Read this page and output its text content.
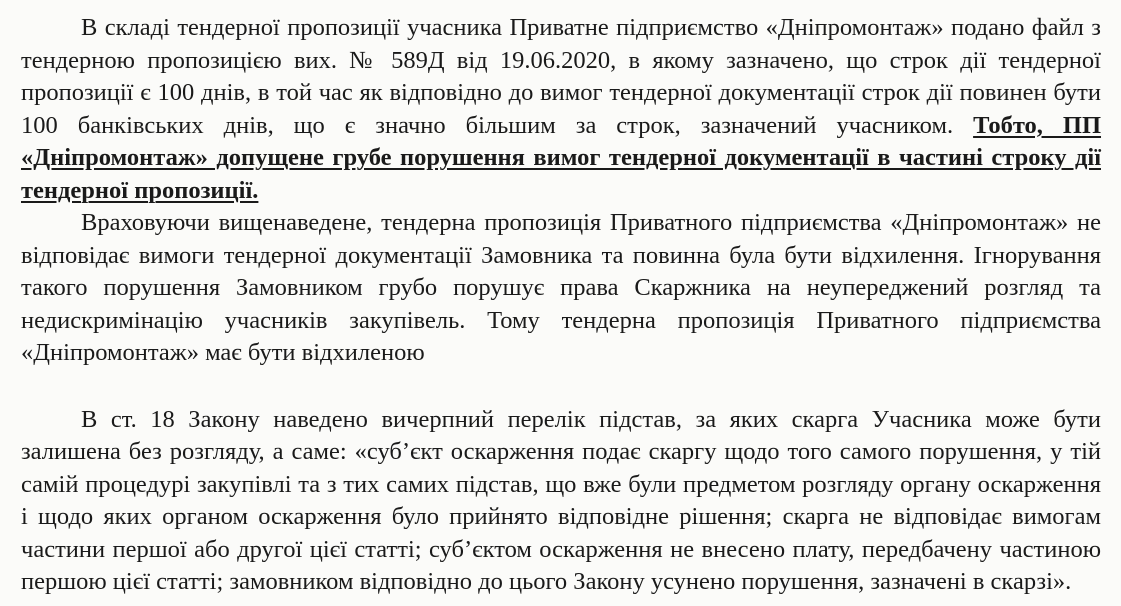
В складі тендерної пропозиції учасника Приватне підприємство «Дніпромонтаж» подано файл з тендерною пропозицією вих. № 589Д від 19.06.2020, в якому зазначено, що строк дії тендерної пропозиції є 100 днів, в той час як відповідно до вимог тендерної документації строк дії повинен бути 100 банківських днів, що є значно більшим за строк, зазначений учасником. Тобто, ПП «Дніпромонтаж» допущене грубе порушення вимог тендерної документації в частині строку дії тендерної пропозиції.

Враховуючи вищенаведене, тендерна пропозиція Приватного підприємства «Дніпромонтаж» не відповідає вимоги тендерної документації Замовника та повинна була бути відхилення. Ігнорування такого порушення Замовником грубо порушує права Скаржника на неупереджений розгляд та недискримінацію учасників закупівель. Тому тендерна пропозиція Приватного підприємства «Дніпромонтаж» має бути відхиленою

В ст. 18 Закону наведено вичерпний перелік підстав, за яких скарга Учасника може бути залишена без розгляду, а саме: «суб’єкт оскарження подає скаргу щодо того самого порушення, у тій самій процедурі закупівлі та з тих самих підстав, що вже були предметом розгляду органу оскарження і щодо яких органом оскарження було прийнято відповідне рішення; скарга не відповідає вимогам частини першої або другої цієї статті; суб’єктом оскарження не внесено плату, передбачену частиною першою цієї статті; замовником відповідно до цього Закону усунено порушення, зазначені в скарзі».
